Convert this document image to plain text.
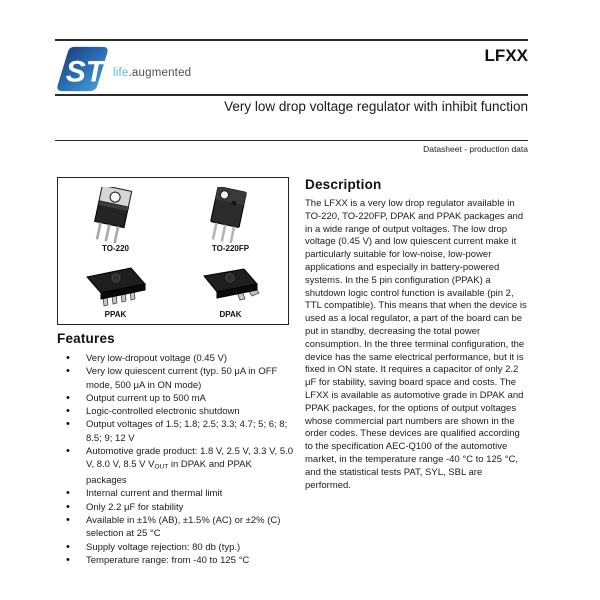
ST life.augmented
LFXX
Very low drop voltage regulator with inhibit function
Datasheet - production data
TO-220	TO-220FP
PPAK	DPAK
Features
• Very low-dropout voltage (0.45 V)
• Very low quiescent current (typ. 50 μA in OFF mode, 500 μA in ON mode)
• Output current up to 500 mA
• Logic-controlled electronic shutdown
• Output voltages of 1.5; 1.8; 2.5; 3.3; 4.7; 5; 6; 8; 8.5; 9; 12 V
• Automotive grade product: 1.8 V, 2.5 V, 3.3 V, 5.0 V, 8.0 V, 8.5 V $V_{OUT}$ in DPAK and PPAK packages
• Internal current and thermal limit
• Only 2.2 μF for stability
• Available in ±1% (AB), ±1.5% (AC) or ±2% (C) selection at 25 °C
• Supply voltage rejection: 80 db (typ.)
• Temperature range: from -40 to 125 °C
Description

The LFXX is a very low drop regulator available in TO-220, TO-220FP, DPAK and PPAK packages and in a wide range of output voltages. The low drop voltage (0.45 V) and low quiescent current make it particularly suitable for low-noise, low-power applications and especially in battery-powered systems. In the 5 pin configuration (PPAK) a shutdown logic control function is available (pin 2, TTL compatible). This means that when the device is used as a local regulator, a part of the board can be put in standby, decreasing the total power consumption. In the three terminal configuration, the device has the same electrical performance, but it is fixed in ON state. It requires a capacitor of only 2.2 μF for stability, saving board space and costs. The LFXX is available as automotive grade in DPAK and PPAK packages, for the options of output voltages whose commercial part numbers are shown in the order codes. These devices are qualified according to the specification AEC-Q100 of the automotive market, in the temperature range -40 °C to 125 °C, and the statistical tests PAT, SYL, SBL are performed.
